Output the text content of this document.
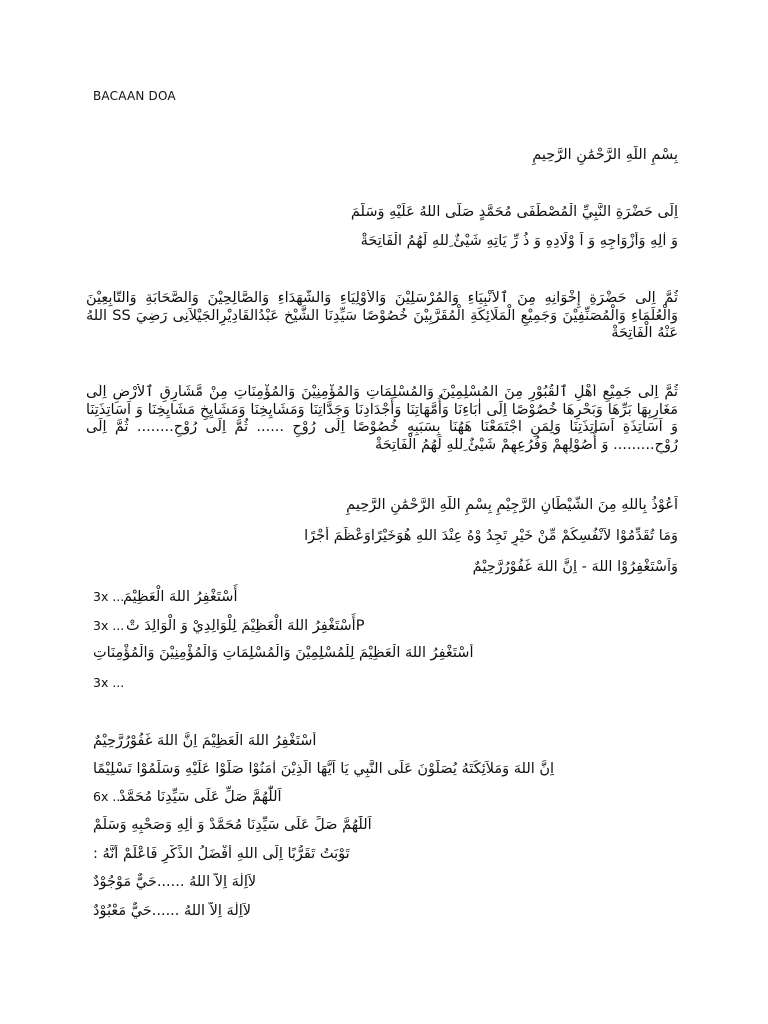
BACAAN DOA
بِسْمِ اللَّهِ الرَّحْمَٰنِ الرَّحِيمِ
اِلَى حَضْرَةِ النَّبِيِّ الْمُصْطَفَى مُحَمَّدٍ صَلَّى اللهُ عَلَيْهِ وَسَلَّمَ
وَ اٰلِهِ وَأَزْوَاجِهِ وَ اَ وْلَادِهِ وَ ذُ رِّ يَاتِهِ شَيْئٌ ِللهِ لَهُمُ الْفَاتِحَةْ
ثُمَّ اِلَى حَضْرَةِ إِخْوَانِهِ مِنَ ٱلْأَنْبِيَاءِ وَالْمُرْسَلِيْنَ وَالْأَوْلِيَاءِ وَالشُّهَدَاءِ وَالصَّالِحِيْنَ وَالصَّحَابَةِ وَالتَّابِعِيْنَ وَالْعُلَمَاءِ وَالْمُصَنِّفِيْنَ وَجَمِيْعِ الْمَلَائِكَةِ الْمُقَرَّبِيْنَ خُصُوْصًا سَيِّدِنَا الشَّيْخ عَبْدُالقَادِيْرِالجَيْلاَنِى رَضِيَ SS اللهُ عَنْهُ الْفَاتِحَةْ
ثُمَّ اِلَى جَمِيْعِ أَهْلِ ٱلْقُبُوْرِ مِنَ الْمُسْلِمِيْنَ وَالْمُسْلِمَاتِ وَالْمُؤْمِنِيْنَ وَالْمُؤْمِنَاتِ مِنْ مَّشَارِقِ ٱلْأَرْضِ اِلَى مَغَارِبِهَا بَرِّهَا وَبَحْرِهَا خُصُوْصًا اِلَى اٰبَاءِنَا وَأُمَّهَاتِنَا وَأَجْدَادِنَا وَجَدَّاتِنَا وَمَشَايِخِنَا وَمَشَايِخِ مَشَايِخِنَا وَ اَسَاتِذَتِنَا وَ اَسَاتِذَةِ اَسَاتِذَتِنَا وَلِمَنِ اجْتَمَعْنَا هَهُنَا بِسَبَبِهِ خُصُوْصًا اِلَى رُوْحِ ...... ثُمَّ اِلَى رُوْحِ........ ثُمَّ اِلَى رُوْحِ......... وَ أُصُوْلِهِمْ وَفُرُعِهِمْ شَيْئٌ ِللهِ لَهُمُ الْفَاتِحَةْ
اَعُوْذُ بِاللهِ مِنَ الشَّيْطَانِ الرَّجِيْمِ بِسْمِ اللَّهِ الرَّحْمَٰنِ الرَّحِيمِ
وَمَا تُقَدِّمُوْا لاَنْفُسِكُمْ مِّنْ خَيْرٍ تَجِدُ وْهُ عِنْدَ اللهِ هُوَخَيْرًاوَعْظَمَ أَجْرًا
وَاَسْتَغْفِرُوْا اللهَ - اِنَّ اللهَ غَفُوْرُرَّحِيْمٌ
3x ...
أَسْتَغْفِرُ اللهَ الْعَظِيْمَ
3x ... Pأَسْتَغْفِرُ اللهَ الْعَظِيْمَ لِلْوَالِدِيْ وَ الْوَالِدَ تْ
أَسْتَغْفِرُ اللهَ الْعَظِيْمَ لِلْمُسْلِمِيْنَ وَالْمُسْلِمَاتِ وَالْمُؤْمِنِيْنَ وَالْمُؤْمِنَاتِ
3x ...
أَسْتَغْفِرُ اللهَ الْعَظِيْمَ اِنَّ اللهَ غَفُوْرُرَّحِيْمٌ
اِنَّ اللهَ وَمَلاَئِكَتَهُ يُصَلُّوْنَ عَلَى النَّبِي يَا اَيُّهَا الَّذِيْنَ اٰمَنُوْا صَلُّوْا عَلَيْهِ وَسَلِّمُوْا تَسْلِيْمًا
6x ...
اَللّٰهُمَّ صَلِّ عَلَى سَيِّدِنَا مُحَمَّدْ
اَللّٰهُمَّ صَلِّ عَلَى سَيِّدِنَا مُحَمَّدْ وَ اٰلِهِ وَصَحْبِهِ وَسَلِّمْ
تَوْبَتُ تَقَرُّبًا اِلَى اللهِ أَفْضَلُ الذِّكْرِ فَاعْلَمْ أَنَّهُ :
لاَاِلٰهَ اِلاَّ اللهُ ......حَيٌّ مَوْجُوْدٌ
لاَاِلٰهَ اِلاَّ اللهُ ......حَيٌّ مَعْبُوْدٌ
